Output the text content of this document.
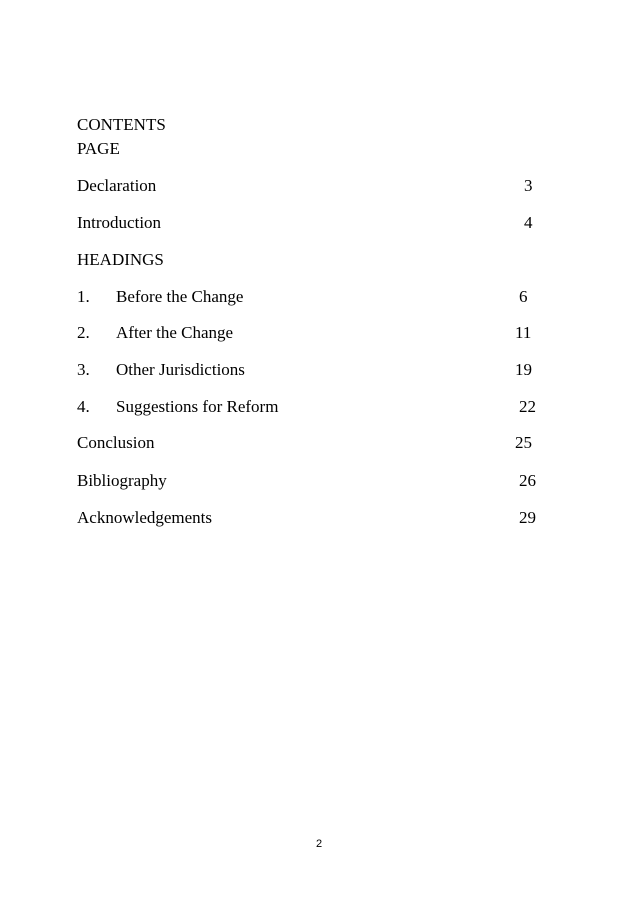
CONTENTS
PAGE
Declaration	3
Introduction	4
HEADINGS
1. Before the Change	6
2. After the Change	11
3. Other Jurisdictions	19
4. Suggestions for Reform	22
Conclusion	25
Bibliography	26
Acknowledgements	29
2
